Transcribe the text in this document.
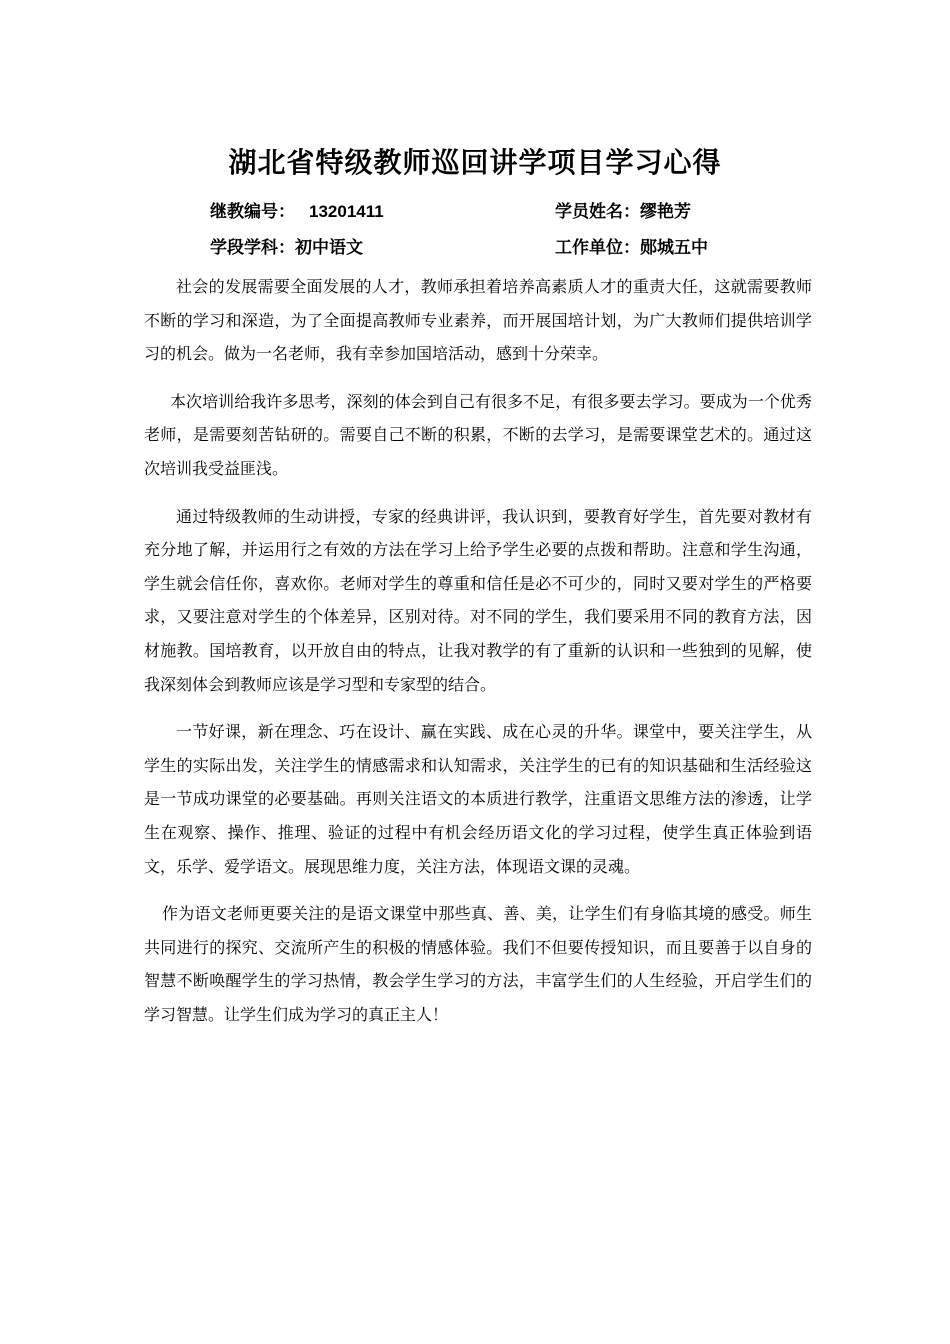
湖北省特级教师巡回讲学项目学习心得
继教编号： 13201411	学员姓名：缪艳芳
学段学科：初中语文	工作单位：郧城五中

社会的发展需要全面发展的人才，教师承担着培养高素质人才的重责大任，这就需要教师不断的学习和深造，为了全面提高教师专业素养，而开展国培计划，为广大教师们提供培训学习的机会。做为一名老师，我有幸参加国培活动，感到十分荣幸。

本次培训给我许多思考，深刻的体会到自己有很多不足，有很多要去学习。要成为一个优秀老师，是需要刻苦钻研的。需要自己不断的积累，不断的去学习，是需要课堂艺术的。通过这次培训我受益匪浅。

通过特级教师的生动讲授，专家的经典讲评，我认识到，要教育好学生，首先要对教材有充分地了解，并运用行之有效的方法在学习上给予学生必要的点拨和帮助。注意和学生沟通，学生就会信任你，喜欢你。老师对学生的尊重和信任是必不可少的，同时又要对学生的严格要求，又要注意对学生的个体差异，区别对待。对不同的学生，我们要采用不同的教育方法，因材施教。国培教育，以开放自由的特点，让我对教学的有了重新的认识和一些独到的见解，使我深刻体会到教师应该是学习型和专家型的结合。

一节好课，新在理念、巧在设计、赢在实践、成在心灵的升华。课堂中，要关注学生，从学生的实际出发，关注学生的情感需求和认知需求，关注学生的已有的知识基础和生活经验这是一节成功课堂的必要基础。再则关注语文的本质进行教学，注重语文思维方法的渗透，让学生在观察、操作、推理、验证的过程中有机会经历语文化的学习过程，使学生真正体验到语文，乐学、爱学语文。展现思维力度，关注方法，体现语文课的灵魂。

作为语文老师更要关注的是语文课堂中那些真、善、美，让学生们有身临其境的感受。师生共同进行的探究、交流所产生的积极的情感体验。我们不但要传授知识，而且要善于以自身的智慧不断唤醒学生的学习热情，教会学生学习的方法，丰富学生们的人生经验，开启学生们的学习智慧。让学生们成为学习的真正主人！
